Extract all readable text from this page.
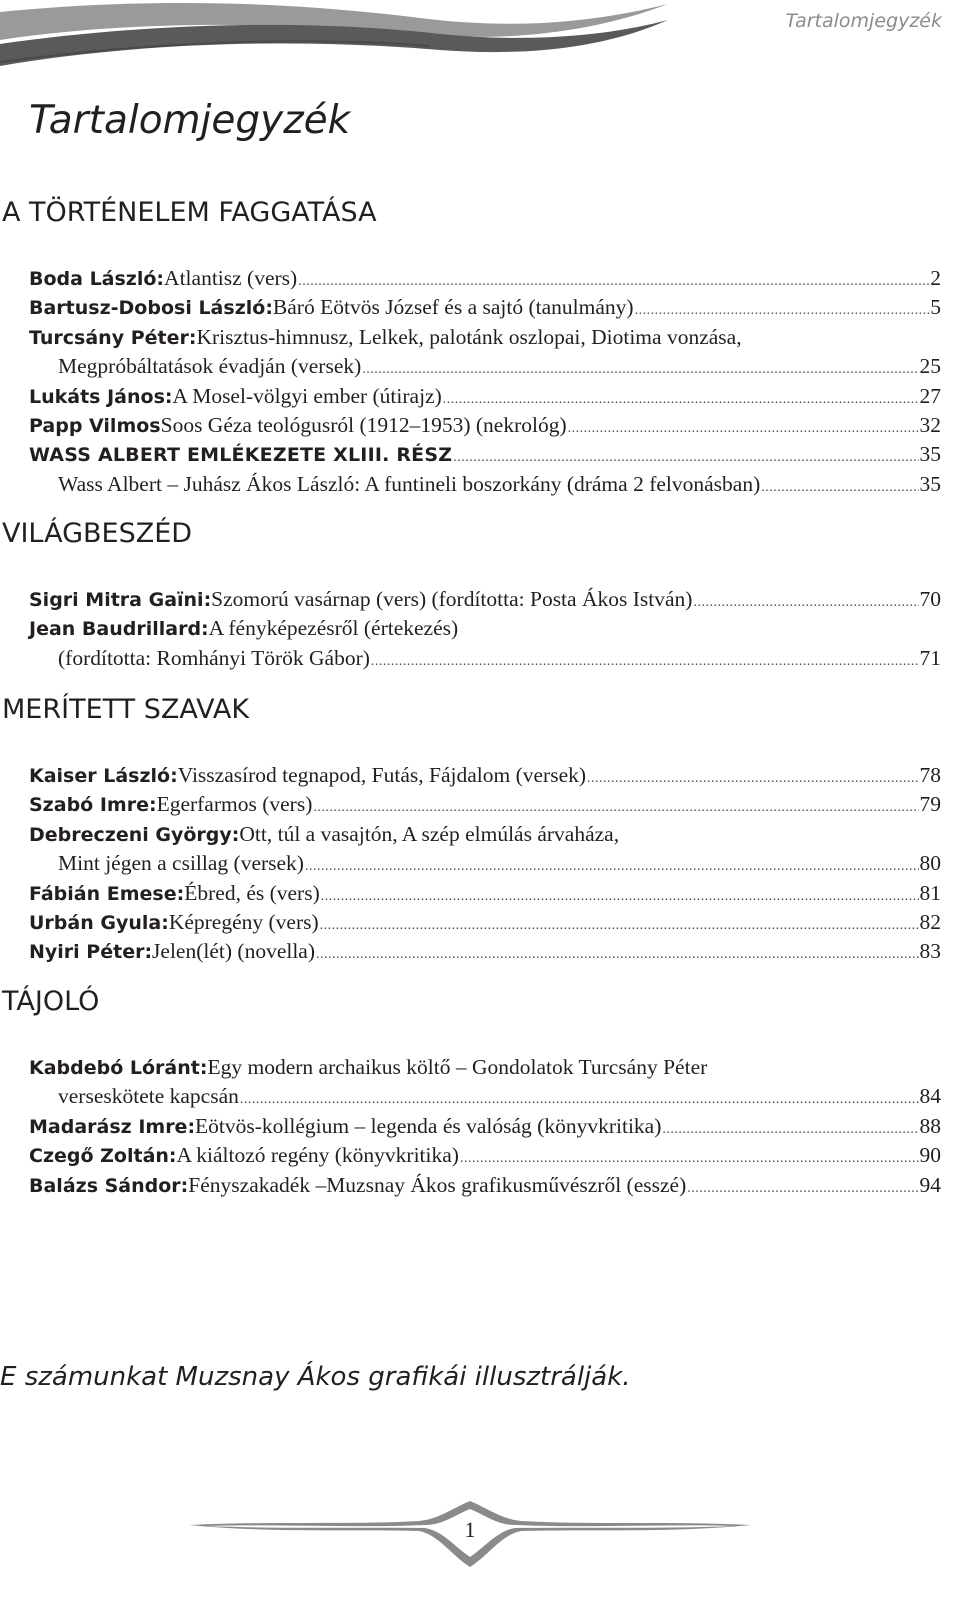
Tartalomjegyzék
Tartalomjegyzék
A TÖRTÉNELEM FAGGATÁSA
Boda László: Atlantisz (vers) .....	2
Bartusz-Dobosi László: Báró Eötvös József és a sajtó (tanulmány) .....	5
Turcsány Péter: Krisztus-himnusz, Lelkek, palotánk oszlopai, Diotima vonzása,
Megpróbáltatások évadján (versek) .....	25
Lukáts János: A Mosel-völgyi ember (útirajz) .....	27
Papp Vilmos Soos Géza teológusról (1912–1953) (nekrológ) .....	32
WASS ALBERT EMLÉKEZETE XLIII. RÉSZ .....	35
Wass Albert – Juhász Ákos László: A funtineli boszorkány (dráma 2 felvonásban) .....	35
VILÁGBESZÉD
Sigri Mitra Gaïni: Szomorú vasárnap (vers) (fordította: Posta Ákos István) .....	70
Jean Baudrillard: A fényképezésről (értekezés)
(fordította: Romhányi Török Gábor) .....	71
MERÍTETT SZAVAK
Kaiser László: Visszasírod tegnapod, Futás, Fájdalom (versek) .....	78
Szabó Imre: Egerfarmos (vers) .....	79
Debreczeni György: Ott, túl a vasajtón, A szép elmúlás árvaháza,
Mint jégen a csillag (versek) .....	80
Fábián Emese: Ébred, és (vers) .....	81
Urbán Gyula: Képregény (vers) .....	82
Nyiri Péter: Jelen(lét) (novella) .....	83
TÁJOLÓ
Kabdebó Lóránt: Egy modern archaikus költő – Gondolatok Turcsány Péter
verseskötete kapcsán .....	84
Madarász Imre: Eötvös-kollégium – legenda és valóság (könyvkritika) .....	88
Czegő Zoltán: A kiáltozó regény (könyvkritika) .....	90
Balázs Sándor: Fényszakadék –Muzsnay Ákos grafikusművészről (esszé) .....	94

E számunkat Muzsnay Ákos grafikái illusztrálják.

1
